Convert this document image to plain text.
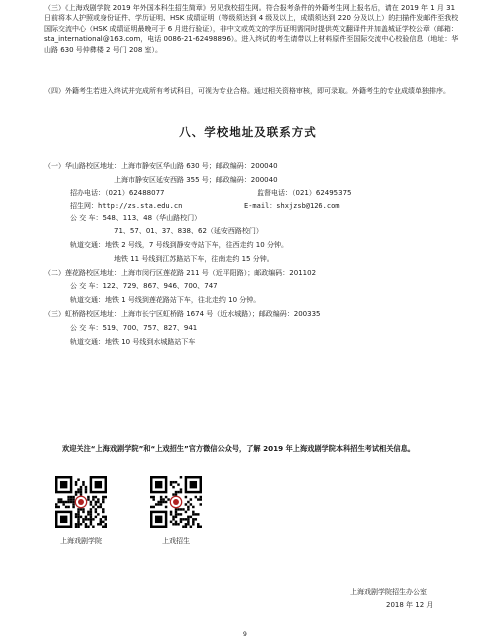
（三）《上海戏剧学院 2019 年外国本科生招生简章》另见我校招生网。符合报考条件的外籍考生网上报名后，请在 2019 年 1 月 31 日前将本人护照或身份证件、学历证明、HSK 成绩证明（等级须达到 4 级及以上，成绩须达到 220 分及以上）的扫描件发邮件至我校国际交流中心（HSK 成绩证明最晚可于 6 月进行验证），非中文或英文的学历证明需同时提供英文翻译件并加盖城证学校公章（邮箱：sta_international@163.com，电话 0086-21-62498896）。进入终试的考生请带以上材料原件至国际交流中心校验信息（地址：华山路 630 号仲彝楼 2 号门 208 室）。
（四）外籍考生若进入终试并完成所有考试科目，可视为专业合格。通过相关资格审核，即可录取。外籍考生的专业成绩单独排序。
八、学校地址及联系方式
（一）华山路校区地址：上海市静安区华山路 630 号；邮政编码：200040
上海市静安区延安西路 355 号；邮政编码：200040
招办电话：（021）62488077	监督电话：（021）62495375
招生网：http://zs.sta.edu.cn	E-mail：shxjzsb@126.com
公 交 车：548、113、48（华山路校门）
71、57、01、37、838、62（延安西路校门）
轨道交通：地铁 2 号线，7 号线到静安寺站下车，往西走约 10 分钟。
地铁 11 号线到江苏路站下车，往南走约 15 分钟。
（二）莲花路校区地址：上海市闵行区莲花路 211 号（近平阳路）；邮政编码：201102
公 交 车：122、729、867、946、700、747
轨道交通：地铁 1 号线到莲花路站下车，往北走约 10 分钟。
（三）虹桥路校区地址：上海市长宁区虹桥路 1674 号（近水城路）；邮政编码：200335
公 交 车：519、700、757、827、941
轨道交通：地铁 10 号线到水城路站下车
欢迎关注“上海戏剧学院”和“上戏招生”官方微信公众号，了解 2019 年上海戏剧学院本科招生考试相关信息。
上海戏剧学院	上戏招生
上海戏剧学院招生办公室
2018 年 12 月
9
